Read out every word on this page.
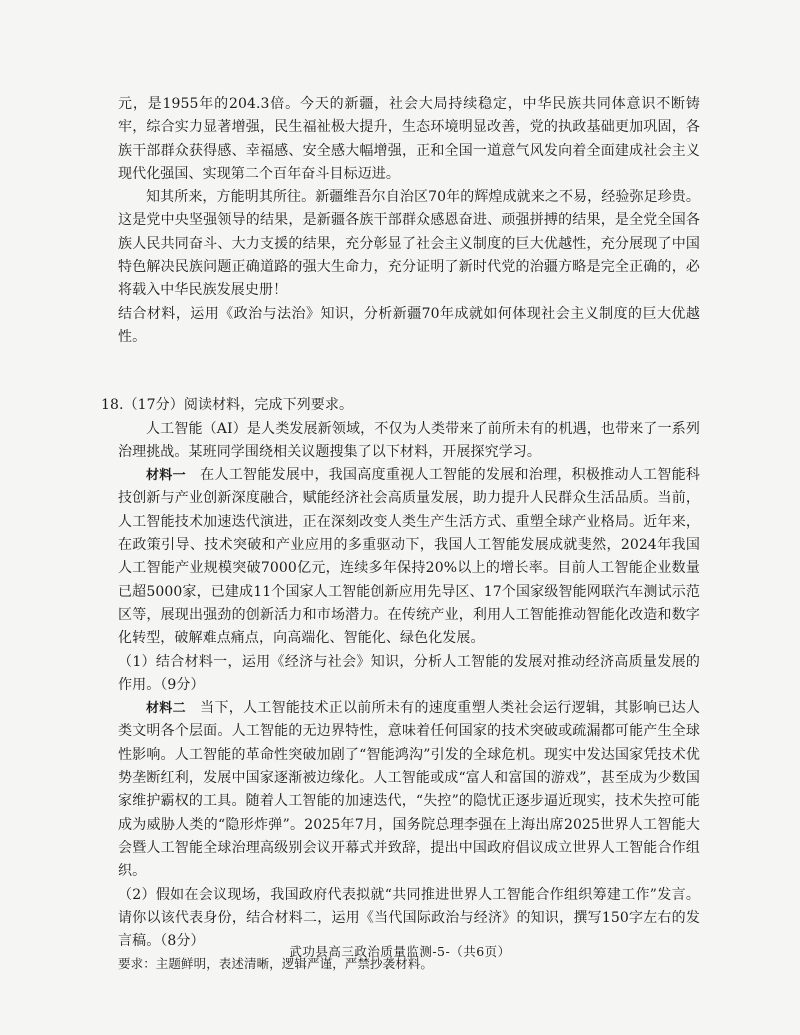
元，是1955年的204.3倍。今天的新疆，社会大局持续稳定，中华民族共同体意识不断铸牢，综合实力显著增强，民生福祉极大提升，生态环境明显改善，党的执政基础更加巩固，各族干部群众获得感、幸福感、安全感大幅增强，正和全国一道意气风发向着全面建成社会主义现代化强国、实现第二个百年奋斗目标迈进。

知其所来，方能明其所往。新疆维吾尔自治区70年的辉煌成就来之不易，经验弥足珍贵。这是党中央坚强领导的结果，是新疆各族干部群众感恩奋进、顽强拼搏的结果，是全党全国各族人民共同奋斗、大力支援的结果，充分彰显了社会主义制度的巨大优越性，充分展现了中国特色解决民族问题正确道路的强大生命力，充分证明了新时代党的治疆方略是完全正确的，必将载入中华民族发展史册！

结合材料，运用《政治与法治》知识，分析新疆70年成就如何体现社会主义制度的巨大优越性。

18.（17分）阅读材料，完成下列要求。

人工智能（AI）是人类发展新领域，不仅为人类带来了前所未有的机遇，也带来了一系列治理挑战。某班同学围绕相关议题搜集了以下材料，开展探究学习。

材料一　 在人工智能发展中，我国高度重视人工智能的发展和治理，积极推动人工智能科技创新与产业创新深度融合，赋能经济社会高质量发展，助力提升人民群众生活品质。当前，人工智能技术加速迭代演进，正在深刻改变人类生产生活方式、重塑全球产业格局。近年来，在政策引导、技术突破和产业应用的多重驱动下，我国人工智能发展成就斐然，2024年我国人工智能产业规模突破7000亿元，连续多年保持20%以上的增长率。目前人工智能企业数量已超5000家，已建成11个国家人工智能创新应用先导区、17个国家级智能网联汽车测试示范区等，展现出强劲的创新活力和市场潜力。在传统产业，利用人工智能推动智能化改造和数字化转型，破解难点痛点，向高端化、智能化、绿色化发展。

（1）结合材料一，运用《经济与社会》知识，分析人工智能的发展对推动经济高质量发展的作用。（9分）

材料二　 当下，人工智能技术正以前所未有的速度重塑人类社会运行逻辑，其影响已达人类文明各个层面。人工智能的无边界特性，意味着任何国家的技术突破或疏漏都可能产生全球性影响。人工智能的革命性突破加剧了“智能鸿沟”引发的全球危机。现实中发达国家凭技术优势垄断红利，发展中国家逐渐被边缘化。人工智能或成“富人和富国的游戏”，甚至成为少数国家维护霸权的工具。随着人工智能的加速迭代，“失控”的隐忧正逐步逼近现实，技术失控可能成为威胁人类的“隐形炸弹”。2025年7月，国务院总理李强在上海出席2025世界人工智能大会暨人工智能全球治理高级别会议开幕式并致辞，提出中国政府倡议成立世界人工智能合作组织。

（2）假如在会议现场，我国政府代表拟就“共同推进世界人工智能合作组织筹建工作”发言。请你以该代表身份，结合材料二，运用《当代国际政治与经济》的知识，撰写150字左右的发言稿。（8分）

要求：主题鲜明，表述清晰，逻辑严谨，严禁抄袭材料。

武功县高三政治质量监测-5-（共6页）
